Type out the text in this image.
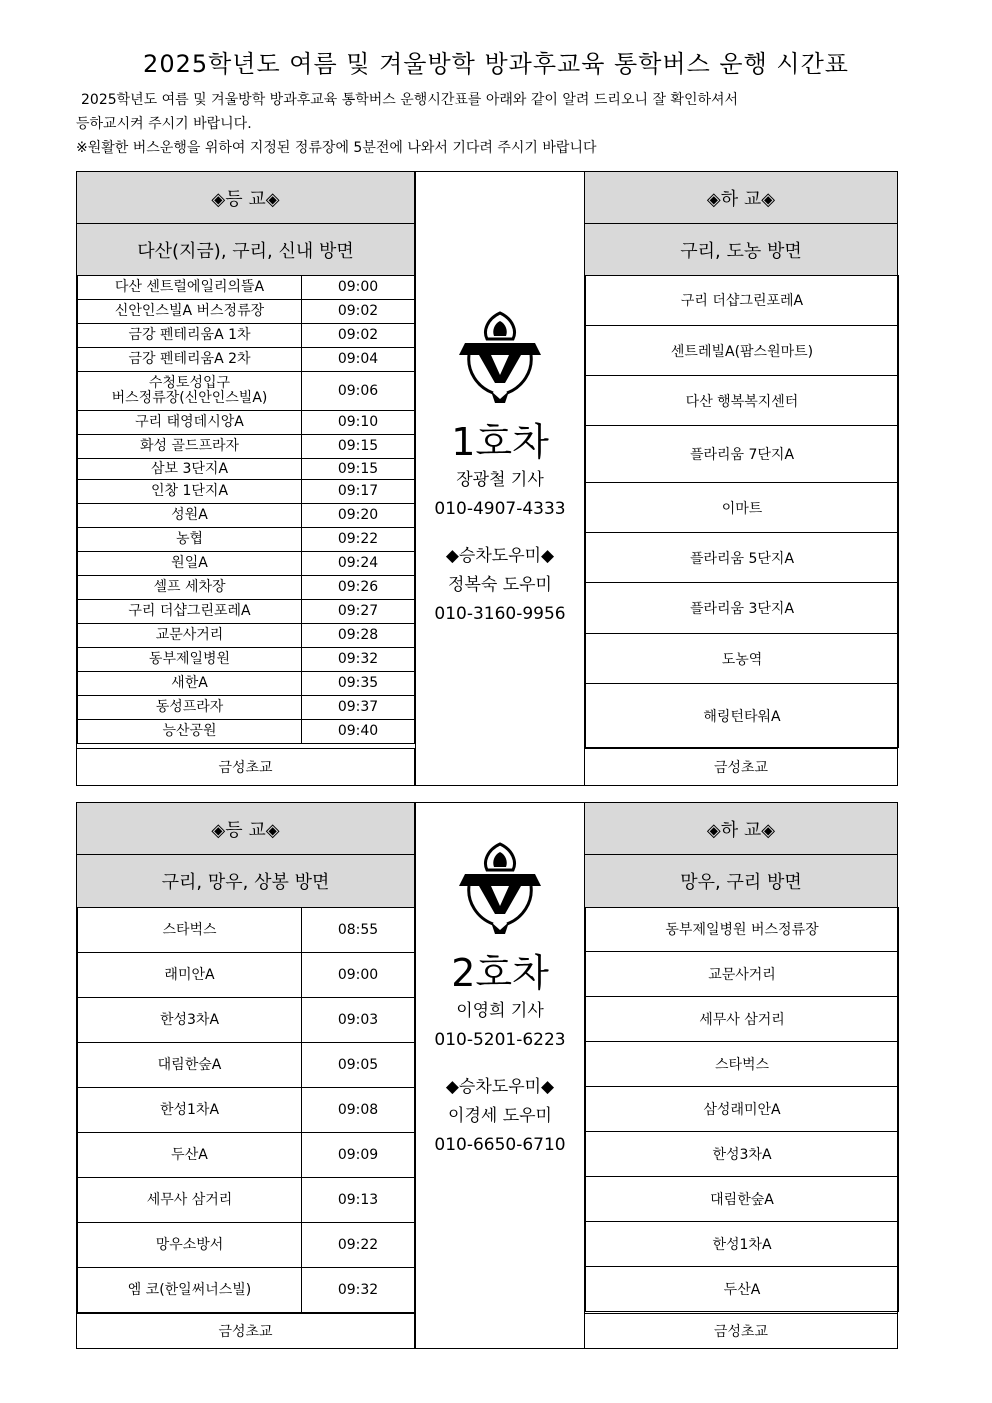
2025학년도 여름 및 겨울방학 방과후교육 통학버스 운행 시간표
2025학년도 여름 및 겨울방학 방과후교육 통학버스 운행시간표를 아래와 같이 알려 드리오니 잘 확인하셔서
등하교시켜 주시기 바랍니다.
※원활한 버스운행을 위하여 지정된 정류장에 5분전에 나와서 기다려 주시기 바랍니다
◈등 교◈
다산(지금), 구리, 신내 방면
◈하 교◈
구리, 도농 방면
다산 센트럴에일리의뜰A	09:00
신안인스빌A 버스정류장	09:02
금강 펜테리움A 1차	09:02
금강 펜테리움A 2차	09:04
수청토성입구
버스정류장(신안인스빌A)	09:06
구리 태영데시앙A	09:10
화성 골드프라자	09:15
삼보 3단지A	09:15
인창 1단지A	09:17
성원A	09:20
농협	09:22
원일A	09:24
셀프 세차장	09:26
구리 더샵그린포레A	09:27
교문사거리	09:28
동부제일병원	09:32
새한A	09:35
동성프라자	09:37
능산공원	09:40
구리 더샵그린포레A
센트레빌A(팜스원마트)
다산 행복복지센터
플라리움 7단지A
이마트
플라리움 5단지A
플라리움 3단지A
도농역
해링턴타워A
금성초교	금성초교
1호차
장광철 기사
010-4907-4333
◆승차도우미◆
정복숙 도우미
010-3160-9956
◈등 교◈
구리, 망우, 상봉 방면
◈하 교◈
망우, 구리 방면
스타벅스	08:55
래미안A	09:00
한성3차A	09:03
대림한숲A	09:05
한성1차A	09:08
두산A	09:09
세무사 삼거리	09:13
망우소방서	09:22
엠 코(한일써너스빌)	09:32
동부제일병원 버스정류장
교문사거리
세무사 삼거리
스타벅스
삼성래미안A
한성3차A
대림한숲A
한성1차A
두산A
금성초교	금성초교
2호차
이영희 기사
010-5201-6223
◆승차도우미◆
이경세 도우미
010-6650-6710
